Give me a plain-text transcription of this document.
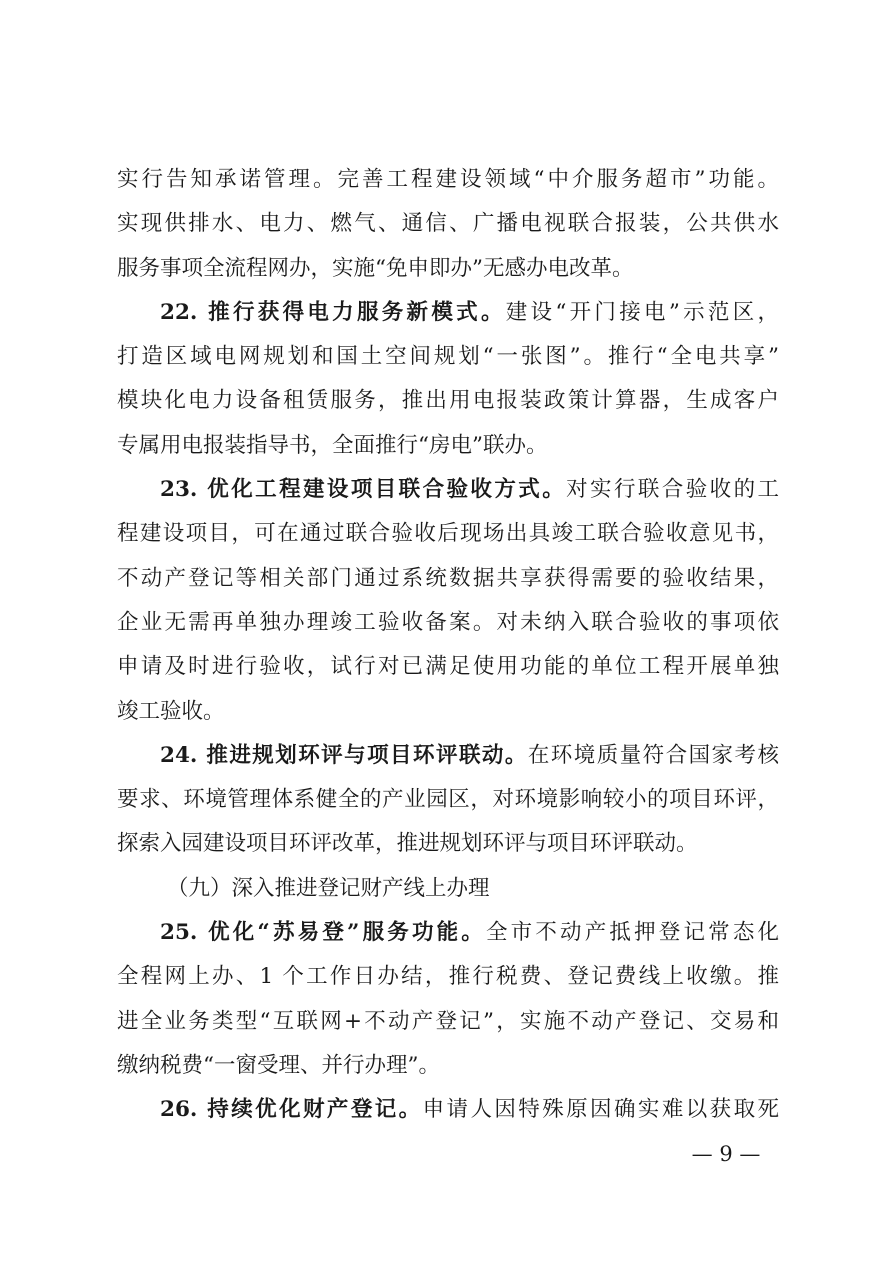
实行告知承诺管理。完善工程建设领域“中介服务超市”功能。
实现供排水、电力、燃气、通信、广播电视联合报装，公共供水
服务事项全流程网办，实施“免申即办”无感办电改革。
22. 推行获得电力服务新模式。建设“开门接电”示范区，
打造区域电网规划和国土空间规划“一张图”。推行“全电共享”
模块化电力设备租赁服务，推出用电报装政策计算器，生成客户
专属用电报装指导书，全面推行“房电”联办。
23. 优化工程建设项目联合验收方式。对实行联合验收的工
程建设项目，可在通过联合验收后现场出具竣工联合验收意见书，
不动产登记等相关部门通过系统数据共享获得需要的验收结果，
企业无需再单独办理竣工验收备案。对未纳入联合验收的事项依
申请及时进行验收，试行对已满足使用功能的单位工程开展单独
竣工验收。
24. 推进规划环评与项目环评联动。在环境质量符合国家考核
要求、环境管理体系健全的产业园区，对环境影响较小的项目环评，
探索入园建设项目环评改革，推进规划环评与项目环评联动。
（九）深入推进登记财产线上办理
25. 优化“苏易登”服务功能。全市不动产抵押登记常态化
全程网上办、1 个工作日办结，推行税费、登记费线上收缴。推
进全业务类型“互联网+不动产登记”，实施不动产登记、交易和
缴纳税费“一窗受理、并行办理”。
26. 持续优化财产登记。申请人因特殊原因确实难以获取死
— 9 —
